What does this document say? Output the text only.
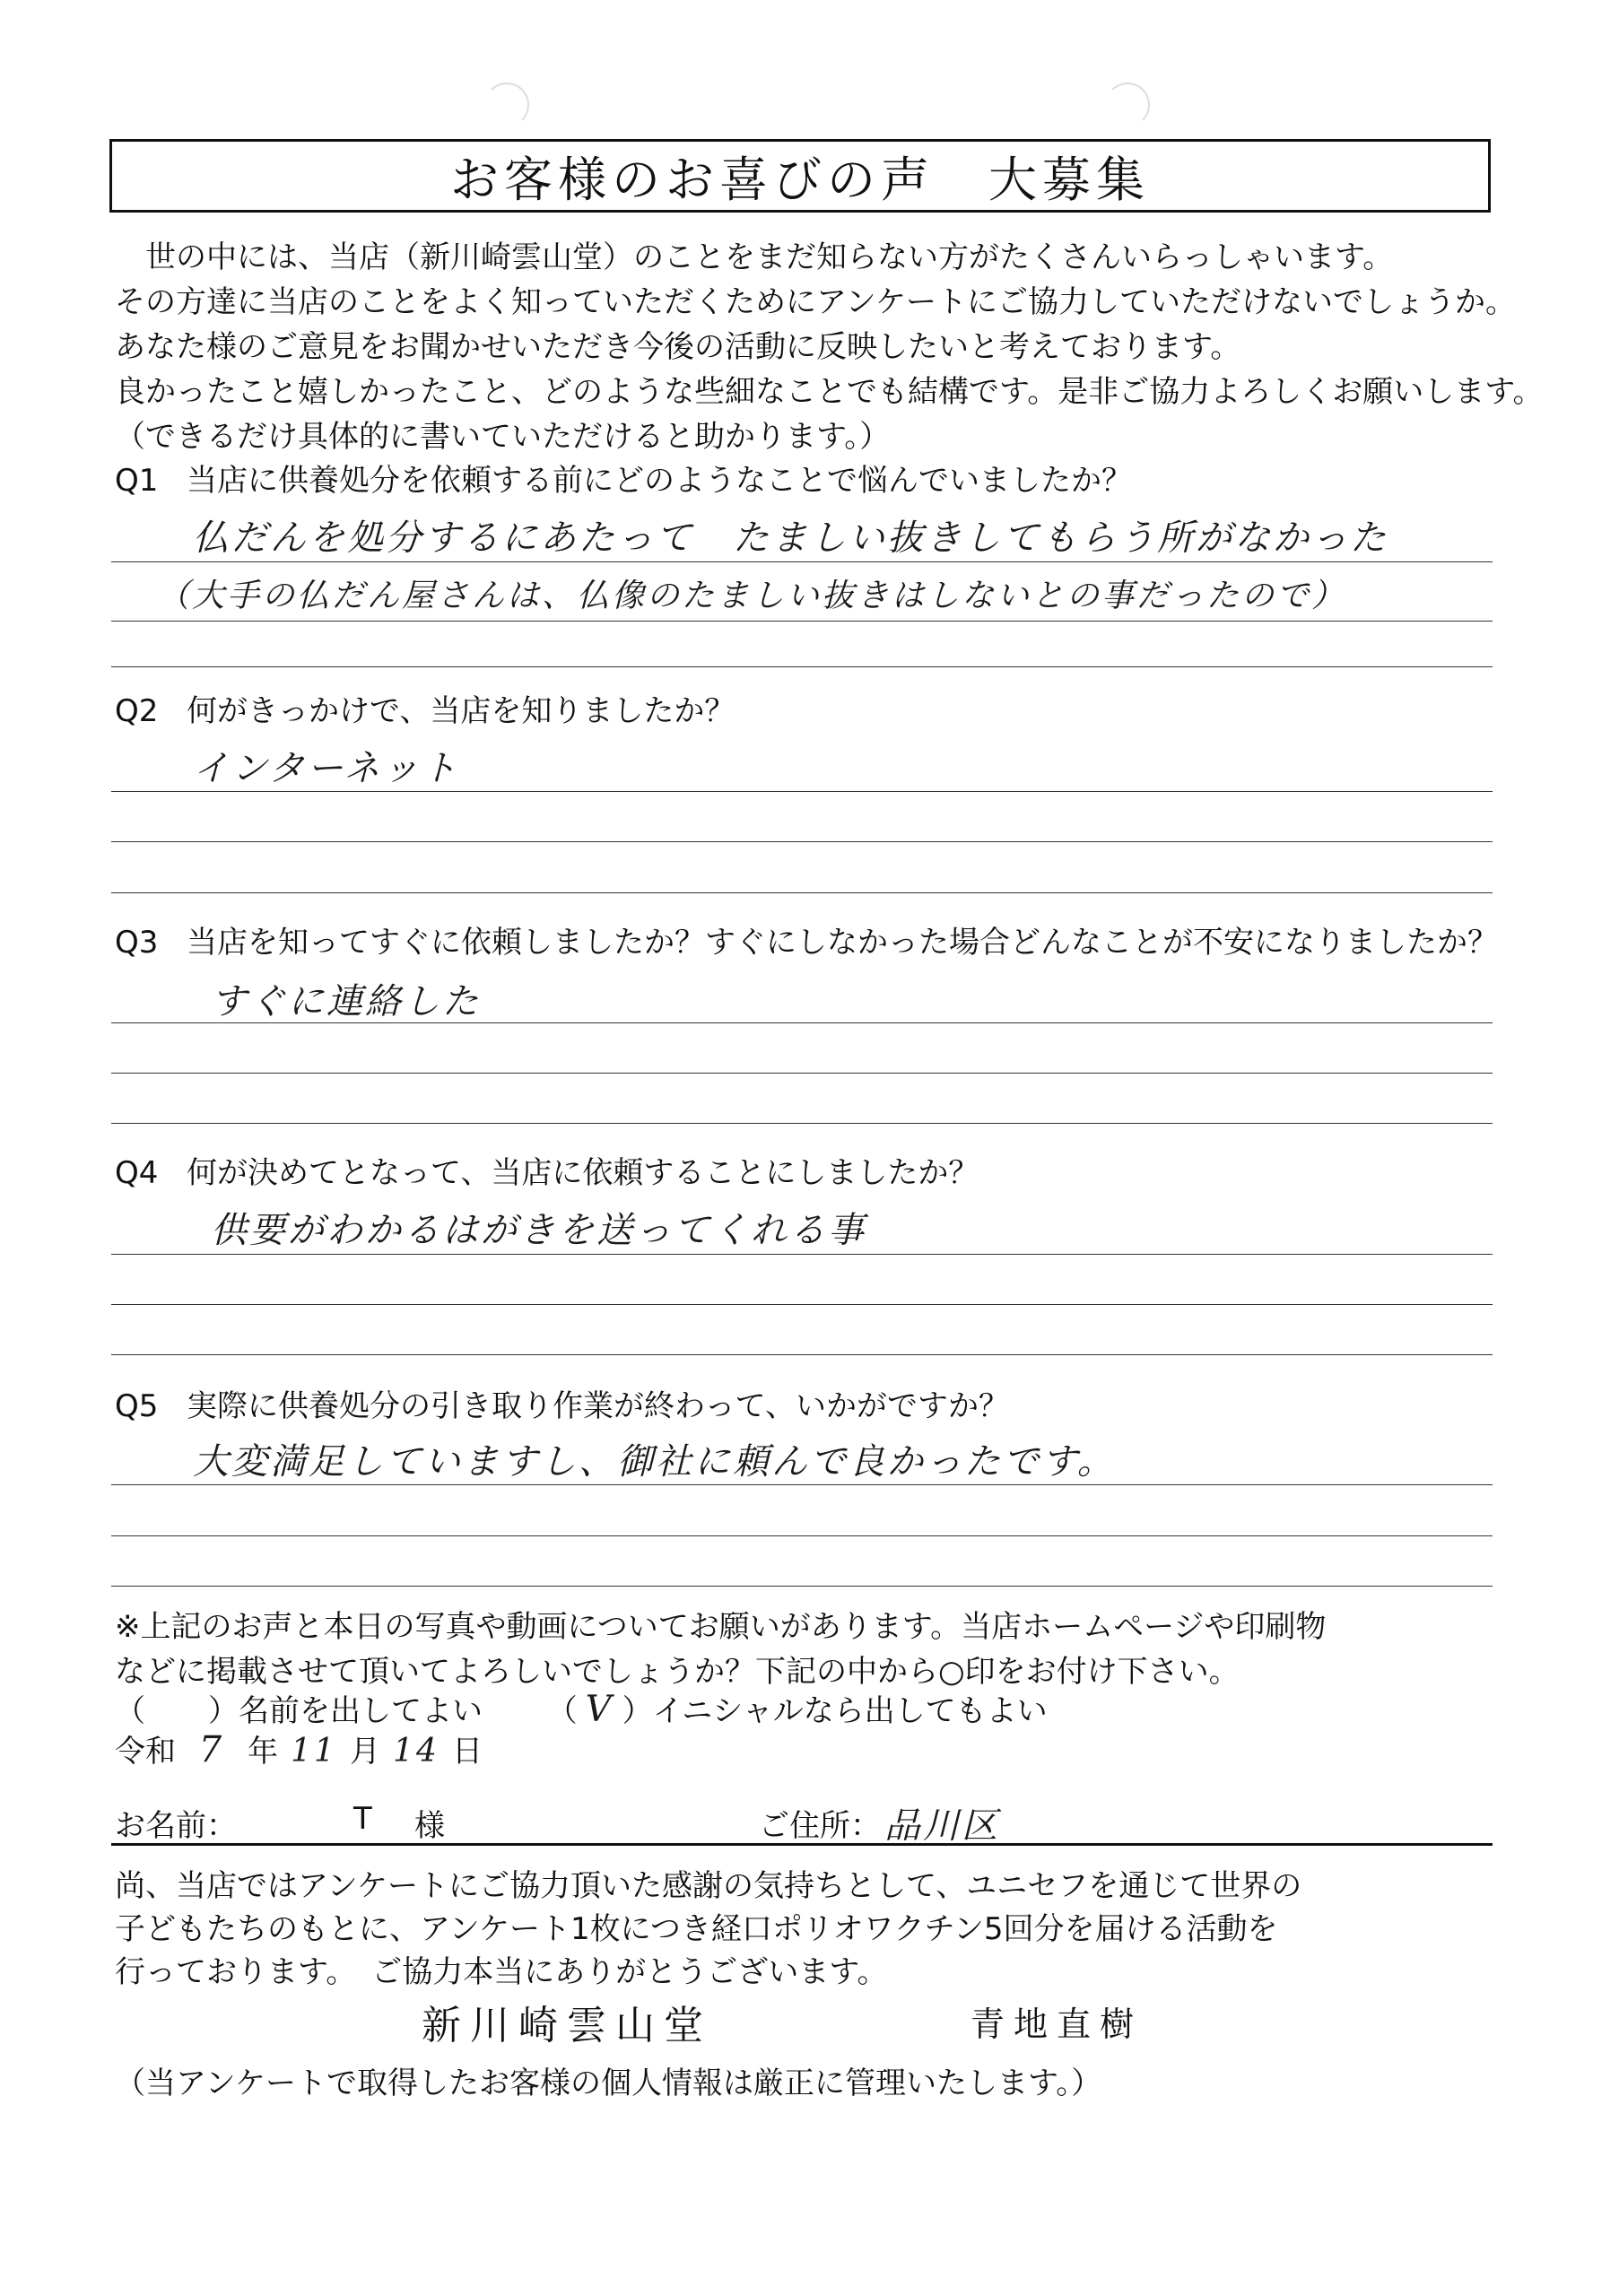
お客様のお喜びの声　大募集
世の中には、当店（新川崎雲山堂）のことをまだ知らない方がたくさんいらっしゃいます。
その方達に当店のことをよく知っていただくためにアンケートにご協力していただけないでしょうか。
あなた様のご意見をお聞かせいただき今後の活動に反映したいと考えております。
良かったこと嬉しかったこと、どのような些細なことでも結構です。是非ご協力よろしくお願いします。
（できるだけ具体的に書いていただけると助かります。）
Q1 当店に供養処分を依頼する前にどのようなことで悩んでいましたか？
仏だんを処分するにあたって　たましい抜きしてもらう所がなかった
（大手の仏だん屋さんは、仏像のたましい抜きはしないとの事だったので）
Q2 何がきっかけで、当店を知りましたか？
インターネット
Q3 当店を知ってすぐに依頼しましたか？すぐにしなかった場合どんなことが不安になりましたか？
すぐに連絡した
Q4 何が決めてとなって、当店に依頼することにしましたか？
供要がわかるはがきを送ってくれる事
Q5 実際に供養処分の引き取り作業が終わって、いかがですか？
大変満足していますし、御社に頼んで良かったです。
※上記のお声と本日の写真や動画についてお願いがあります。当店ホームページや印刷物
などに掲載させて頂いてよろしいでしょうか？下記の中から○印をお付け下さい。
（ ）名前を出してよい （ V ）イニシャルなら出してもよい
令和 7 年 11 月 14 日
お名前：	T 様	ご住所： 品川区
尚、当店ではアンケートにご協力頂いた感謝の気持ちとして、ユニセフを通じて世界の
子どもたちのもとに、アンケート1枚につき経口ポリオワクチン5回分を届ける活動を
行っております。　ご協力本当にありがとうございます。
新川崎雲山堂	青地直樹
（当アンケートで取得したお客様の個人情報は厳正に管理いたします。）
